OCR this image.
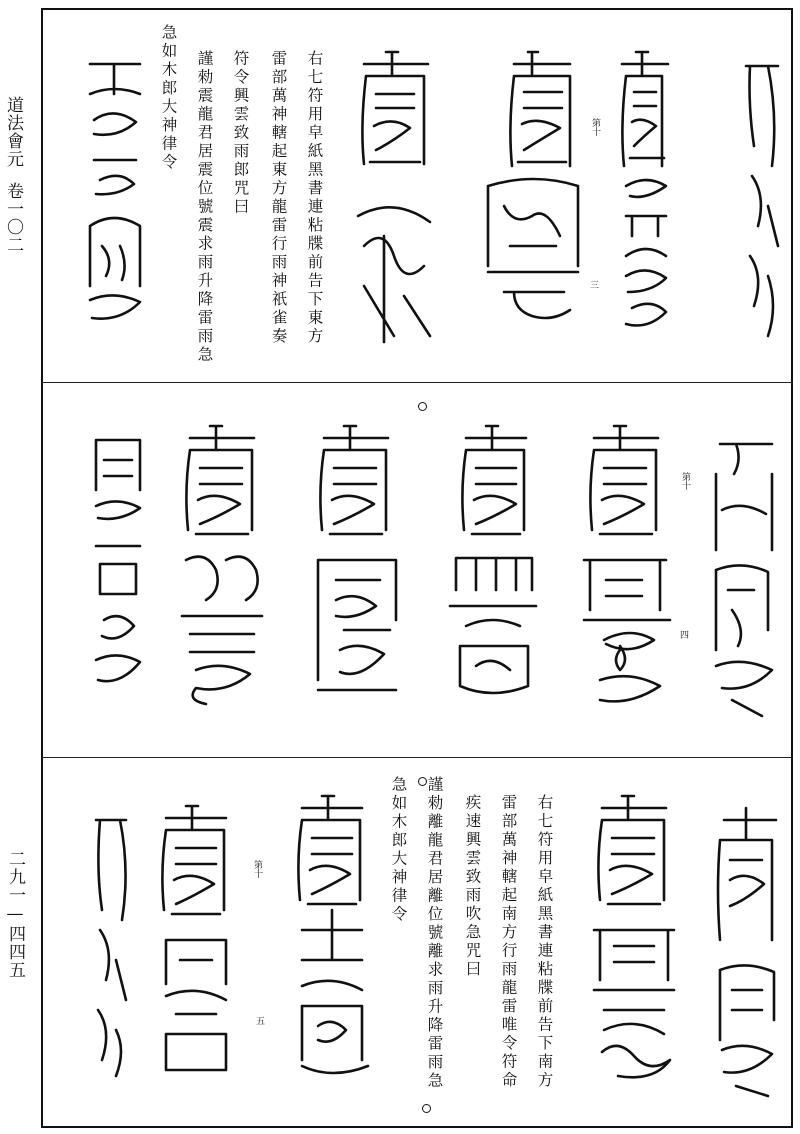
道法會元卷一〇二
二九一—四四五
右七符用皁紙黑書連粘牒前告下東方
雷部萬神轄起東方龍雷行雨神祇雀奏
符令興雲致雨郎咒曰
謹勑震龍君居震位號震求雨升降雷雨急
急如木郎大神律令	第十
三
第十
四
右七符用皁紙黑書連粘牒前告下南方
雷部萬神轄起南方行雨龍雷唯令符命
疾速興雲致雨吹急咒曰
謹勑離龍君居離位號離求雨升降雷雨急
急如木郎大神律令
第十
五
